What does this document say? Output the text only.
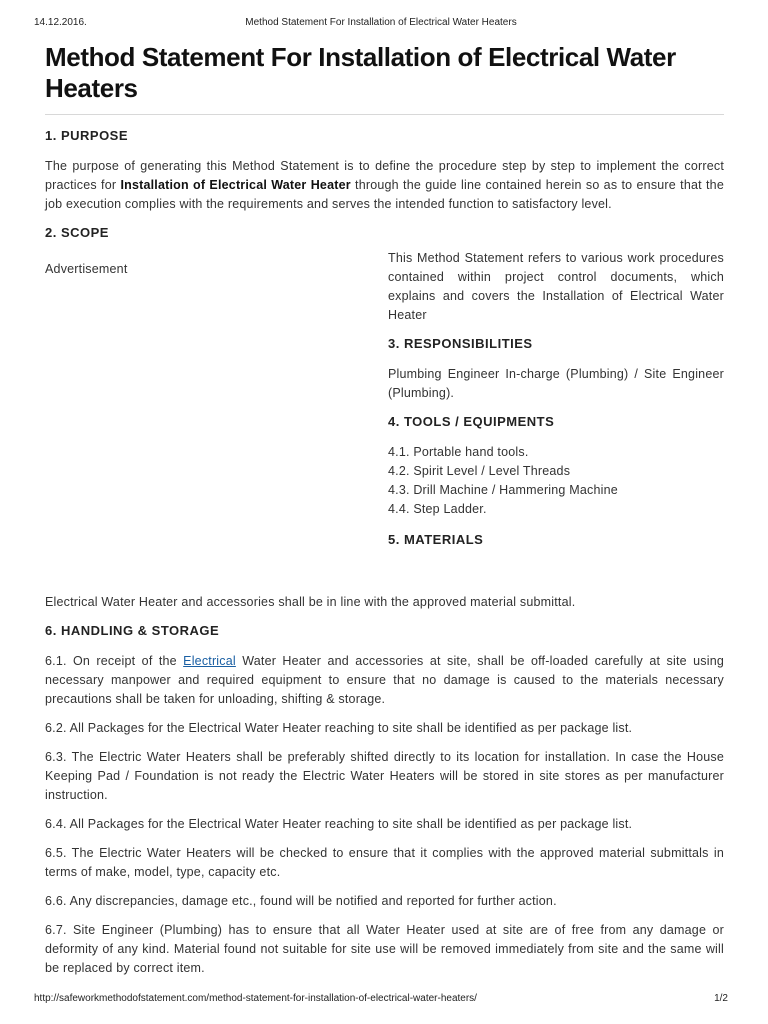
14.12.2016.	Method Statement For Installation of Electrical Water Heaters
Method Statement For Installation of Electrical Water Heaters
1. PURPOSE
The purpose of generating this Method Statement is to define the procedure step by step to implement the correct practices for Installation of Electrical Water Heater through the guide line contained herein so as to ensure that the job execution complies with the requirements and serves the intended function to satisfactory level.
2. SCOPE
Advertisement
This Method Statement refers to various work procedures contained within project control documents, which explains and covers the Installation of Electrical Water Heater
3. RESPONSIBILITIES
Plumbing Engineer In-charge (Plumbing) / Site Engineer (Plumbing).
4. TOOLS / EQUIPMENTS
4.1. Portable hand tools.
4.2. Spirit Level / Level Threads
4.3. Drill Machine / Hammering Machine
4.4. Step Ladder.
5. MATERIALS
Electrical Water Heater and accessories shall be in line with the approved material submittal.
6. HANDLING & STORAGE
6.1. On receipt of the Electrical Water Heater and accessories at site, shall be off-loaded carefully at site using necessary manpower and required equipment to ensure that no damage is caused to the materials necessary precautions shall be taken for unloading, shifting & storage.
6.2. All Packages for the Electrical Water Heater reaching to site shall be identified as per package list.
6.3. The Electric Water Heaters shall be preferably shifted directly to its location for installation. In case the House Keeping Pad / Foundation is not ready the Electric Water Heaters will be stored in site stores as per manufacturer instruction.
6.4. All Packages for the Electrical Water Heater reaching to site shall be identified as per package list.
6.5. The Electric Water Heaters will be checked to ensure that it complies with the approved material submittals in terms of make, model, type, capacity etc.
6.6. Any discrepancies, damage etc., found will be notified and reported for further action.
6.7. Site Engineer (Plumbing) has to ensure that all Water Heater used at site are of free from any damage or deformity of any kind. Material found not suitable for site use will be removed immediately from site and the same will be replaced by correct item.
http://safeworkmethodofstatement.com/method-statement-for-installation-of-electrical-water-heaters/	1/2
